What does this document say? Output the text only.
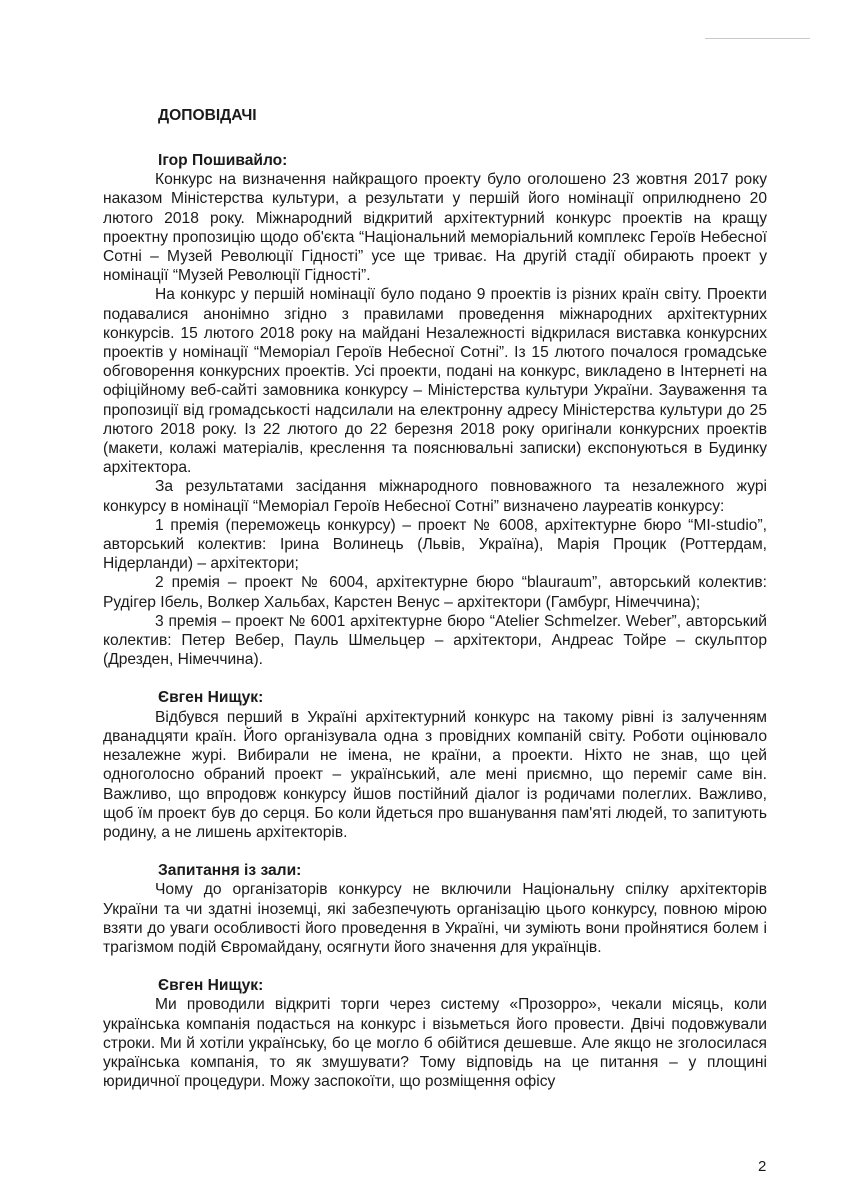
ДОПОВІДАЧІ
Ігор Пошивайло:

Конкурс на визначення найкращого проекту було оголошено 23 жовтня 2017 року наказом Міністерства культури, а результати у першій його номінації оприлюднено 20 лютого 2018 року. Міжнародний відкритий архітектурний конкурс проектів на кращу проектну пропозицію щодо об'єкта “Національний меморіальний комплекс Героїв Небесної Сотні – Музей Революції Гідності” усе ще триває. На другій стадії обирають проект у номінації “Музей Революції Гідності”.

На конкурс у першій номінації було подано 9 проектів із різних країн світу. Проекти подавалися анонімно згідно з правилами проведення міжнародних архітектурних конкурсів. 15 лютого 2018 року на майдані Незалежності відкрилася виставка конкурсних проектів у номінації “Меморіал Героїв Небесної Сотні”. Із 15 лютого почалося громадське обговорення конкурсних проектів. Усі проекти, подані на конкурс, викладено в Інтернеті на офіційному веб-сайті замовника конкурсу – Міністерства культури України. Зауваження та пропозиції від громадськості надсилали на електронну адресу Міністерства культури до 25 лютого 2018 року. Із 22 лютого до 22 березня 2018 року оригінали конкурсних проектів (макети, колажі матеріалів, креслення та пояснювальні записки) експонуються в Будинку архітектора.

За результатами засідання міжнародного повноважного та незалежного журі конкурсу в номінації “Меморіал Героїв Небесної Сотні” визначено лауреатів конкурсу:

1 премія (переможець конкурсу) – проект № 6008, архітектурне бюро “MI-studio”, авторський колектив: Ірина Волинець (Львів, Україна), Марія Процик (Роттердам, Нідерланди) – архітектори;

2 премія – проект № 6004, архітектурне бюро “blauraum”, авторський колектив: Рудігер Ібель, Волкер Хальбах, Карстен Венус – архітектори (Гамбург, Німеччина);

3 премія – проект № 6001 архітектурне бюро “Atelier Schmelzer. Weber”, авторський колектив: Петер Вебер, Пауль Шмельцер – архітектори, Андреас Тойре – скульптор (Дрезден, Німеччина).

Євген Нищук:

Відбувся перший в Україні архітектурний конкурс на такому рівні із залученням дванадцяти країн. Його організувала одна з провідних компаній світу. Роботи оцінювало незалежне журі. Вибирали не імена, не країни, а проекти. Ніхто не знав, що цей одноголосно обраний проект – український, але мені приємно, що переміг саме він. Важливо, що впродовж конкурсу йшов постійний діалог із родичами полеглих. Важливо, щоб їм проект був до серця. Бо коли йдеться про вшанування пам'яті людей, то запитують родину, а не лишень архітекторів.

Запитання із зали:

Чому до організаторів конкурсу не включили Національну спілку архітекторів України та чи здатні іноземці, які забезпечують організацію цього конкурсу, повною мірою взяти до уваги особливості його проведення в Україні, чи зуміють вони пройнятися болем і трагізмом подій Євромайдану, осягнути його значення для українців.

Євген Нищук:

Ми проводили відкриті торги через систему «Прозорро», чекали місяць, коли українська компанія подасться на конкурс і візьметься його провести. Двічі подовжували строки. Ми й хотіли українську, бо це могло б обійтися дешевше. Але якщо не зголосилася українська компанія, то як змушувати? Тому відповідь на це питання – у площині юридичної процедури. Можу заспокоїти, що розміщення офісу

2
